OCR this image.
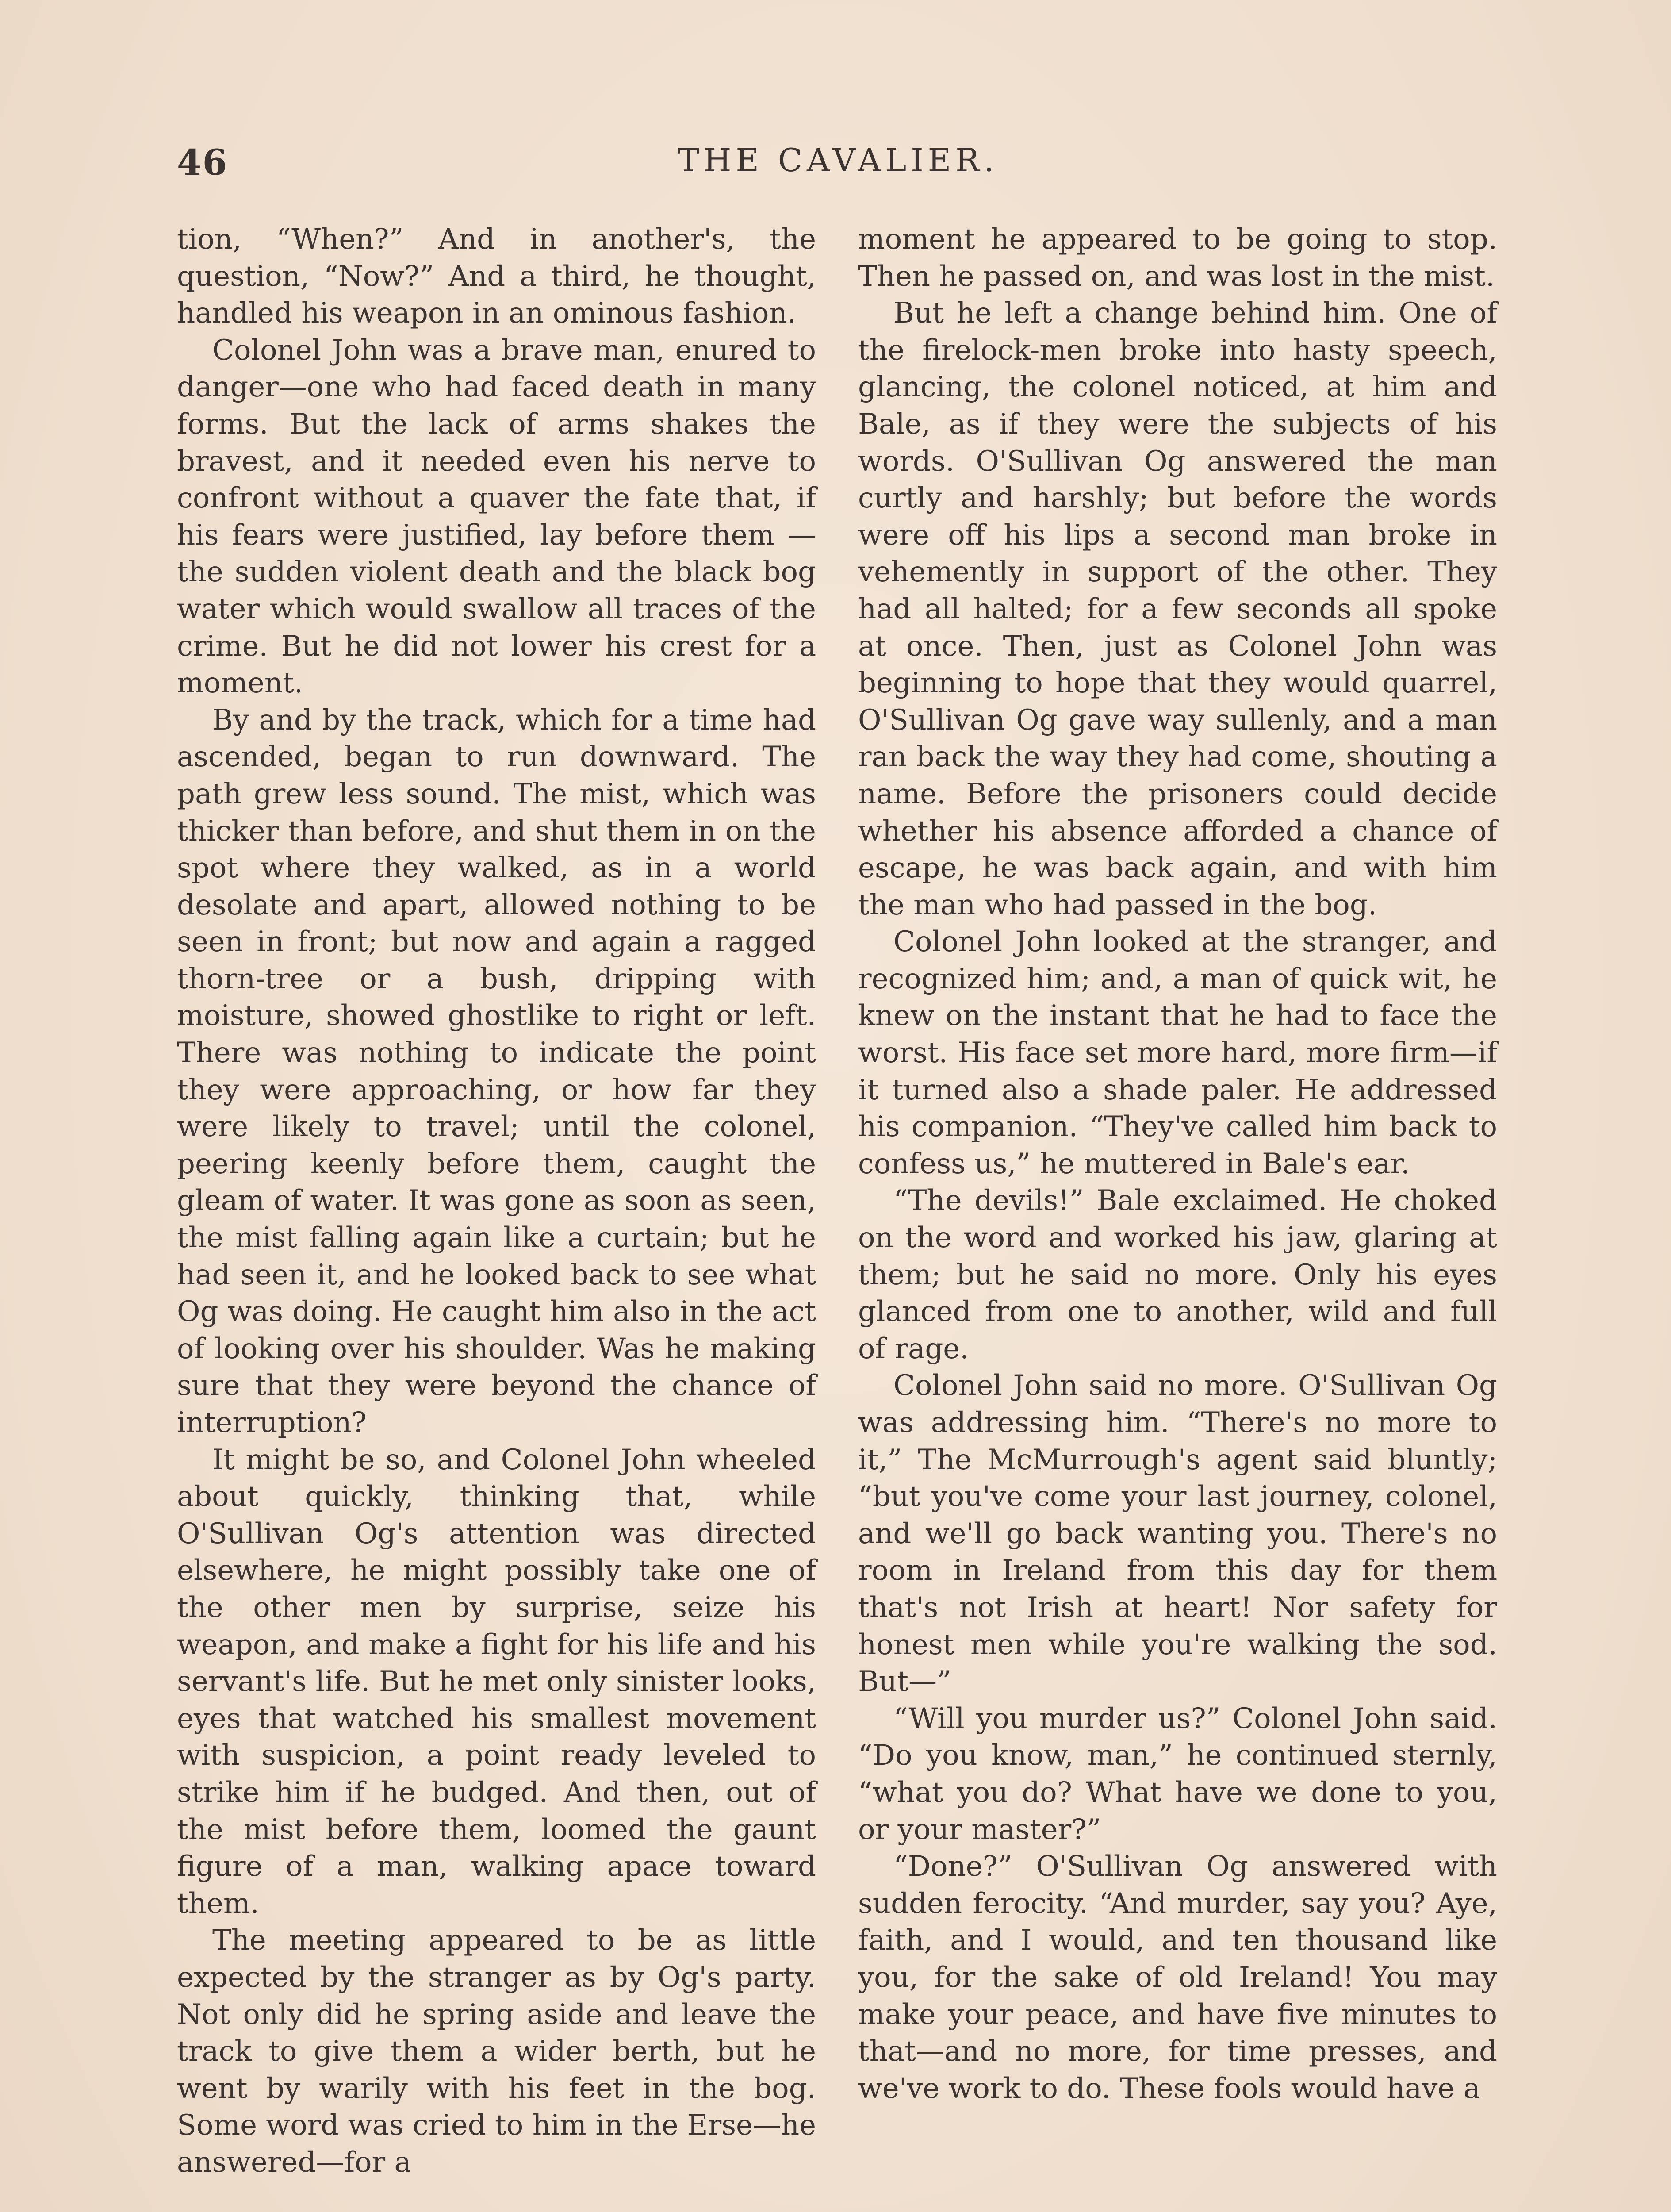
46	THE CAVALIER.

tion, “When?” And in another's, the question, “Now?” And a third, he thought, handled his weapon in an ominous fashion.

Colonel John was a brave man, enured to danger—one who had faced death in many forms. But the lack of arms shakes the bravest, and it needed even his nerve to confront without a quaver the fate that, if his fears were justified, lay before them — the sudden violent death and the black bog water which would swallow all traces of the crime. But he did not lower his crest for a moment.

By and by the track, which for a time had ascended, began to run downward. The path grew less sound. The mist, which was thicker than before, and shut them in on the spot where they walked, as in a world desolate and apart, allowed nothing to be seen in front; but now and again a ragged thorn-tree or a bush, dripping with moisture, showed ghostlike to right or left. There was nothing to indicate the point they were approaching, or how far they were likely to travel; until the colonel, peering keenly before them, caught the gleam of water. It was gone as soon as seen, the mist falling again like a curtain; but he had seen it, and he looked back to see what Og was doing. He caught him also in the act of looking over his shoulder. Was he making sure that they were beyond the chance of interruption?

It might be so, and Colonel John wheeled about quickly, thinking that, while O'Sullivan Og's attention was directed elsewhere, he might possibly take one of the other men by surprise, seize his weapon, and make a fight for his life and his servant's life. But he met only sinister looks, eyes that watched his smallest movement with suspicion, a point ready leveled to strike him if he budged. And then, out of the mist before them, loomed the gaunt figure of a man, walking apace toward them.

The meeting appeared to be as little expected by the stranger as by Og's party. Not only did he spring aside and leave the track to give them a wider berth, but he went by warily with his feet in the bog. Some word was cried to him in the Erse—he answered—for a

moment he appeared to be going to stop. Then he passed on, and was lost in the mist.

But he left a change behind him. One of the firelock-men broke into hasty speech, glancing, the colonel noticed, at him and Bale, as if they were the subjects of his words. O'Sullivan Og answered the man curtly and harshly; but before the words were off his lips a second man broke in vehemently in support of the other. They had all halted; for a few seconds all spoke at once. Then, just as Colonel John was beginning to hope that they would quarrel, O'Sullivan Og gave way sullenly, and a man ran back the way they had come, shouting a name. Before the prisoners could decide whether his absence afforded a chance of escape, he was back again, and with him the man who had passed in the bog.

Colonel John looked at the stranger, and recognized him; and, a man of quick wit, he knew on the instant that he had to face the worst. His face set more hard, more firm—if it turned also a shade paler. He addressed his companion. “They've called him back to confess us,” he muttered in Bale's ear.

“The devils!” Bale exclaimed. He choked on the word and worked his jaw, glaring at them; but he said no more. Only his eyes glanced from one to another, wild and full of rage.

Colonel John said no more. O'Sullivan Og was addressing him. “There's no more to it,” The McMurrough's agent said bluntly; “but you've come your last journey, colonel, and we'll go back wanting you. There's no room in Ireland from this day for them that's not Irish at heart! Nor safety for honest men while you're walking the sod. But—”

“Will you murder us?” Colonel John said. “Do you know, man,” he continued sternly, “what you do? What have we done to you, or your master?”

“Done?” O'Sullivan Og answered with sudden ferocity. “And murder, say you? Aye, faith, and I would, and ten thousand like you, for the sake of old Ireland! You may make your peace, and have five minutes to that—and no more, for time presses, and we've work to do. These fools would have a
